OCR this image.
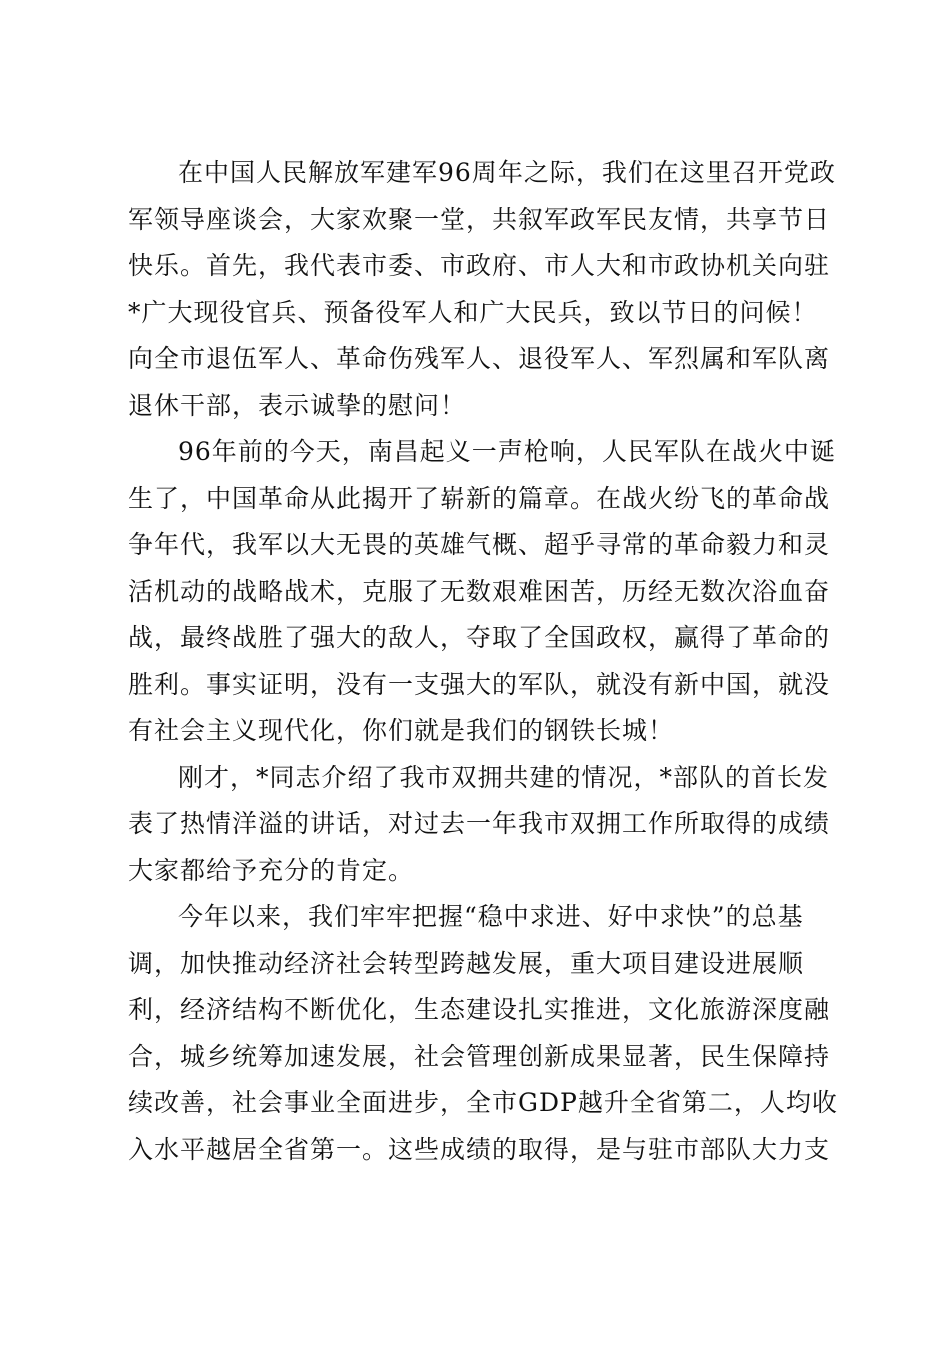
在中国人民解放军建军96周年之际，我们在这里召开党政
军领导座谈会，大家欢聚一堂，共叙军政军民友情，共享节日
快乐。首先，我代表市委、市政府、市人大和市政协机关向驻
*广大现役官兵、预备役军人和广大民兵，致以节日的问候！
向全市退伍军人、革命伤残军人、退役军人、军烈属和军队离
退休干部，表示诚挚的慰问！

96年前的今天，南昌起义一声枪响，人民军队在战火中诞
生了，中国革命从此揭开了崭新的篇章。在战火纷飞的革命战
争年代，我军以大无畏的英雄气概、超乎寻常的革命毅力和灵
活机动的战略战术，克服了无数艰难困苦，历经无数次浴血奋
战，最终战胜了强大的敌人，夺取了全国政权，赢得了革命的
胜利。事实证明，没有一支强大的军队，就没有新中国，就没
有社会主义现代化，你们就是我们的钢铁长城！

刚才，*同志介绍了我市双拥共建的情况，*部队的首长发
表了热情洋溢的讲话，对过去一年我市双拥工作所取得的成绩
大家都给予充分的肯定。

今年以来，我们牢牢把握“稳中求进、好中求快”的总基
调，加快推动经济社会转型跨越发展，重大项目建设进展顺
利，经济结构不断优化，生态建设扎实推进，文化旅游深度融
合，城乡统筹加速发展，社会管理创新成果显著，民生保障持
续改善，社会事业全面进步，全市GDP越升全省第二，人均收
入水平越居全省第一。这些成绩的取得，是与驻市部队大力支
